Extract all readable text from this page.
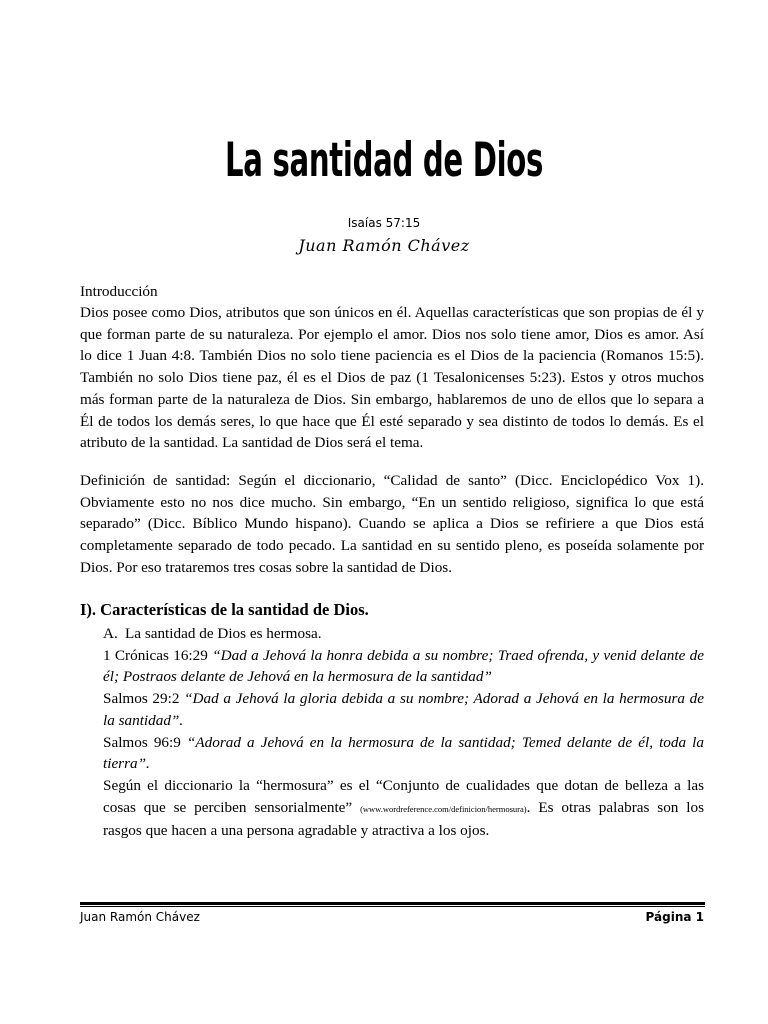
La santidad de Dios
Isaías 57:15
Juan Ramón Chávez
Introducción

Dios posee como Dios, atributos que son únicos en él. Aquellas características que son propias de él y que forman parte de su naturaleza. Por ejemplo el amor. Dios nos solo tiene amor, Dios es amor. Así lo dice 1 Juan 4:8. También Dios no solo tiene paciencia es el Dios de la paciencia (Romanos 15:5). También no solo Dios tiene paz, él es el Dios de paz (1 Tesalonicenses 5:23). Estos y otros muchos más forman parte de la naturaleza de Dios. Sin embargo, hablaremos de uno de ellos que lo separa a Él de todos los demás seres, lo que hace que Él esté separado y sea distinto de todos lo demás. Es el atributo de la santidad. La santidad de Dios será el tema.

Definición de santidad: Según el diccionario, “Calidad de santo” (Dicc. Enciclopédico Vox 1). Obviamente esto no nos dice mucho. Sin embargo, “En un sentido religioso, significa lo que está separado” (Dicc. Bíblico Mundo hispano). Cuando se aplica a Dios se refiriere a que Dios está completamente separado de todo pecado. La santidad en su sentido pleno, es poseída solamente por Dios. Por eso trataremos tres cosas sobre la santidad de Dios.

I). Características de la santidad de Dios.

A. La santidad de Dios es hermosa.

1 Crónicas 16:29 “Dad a Jehová la honra debida a su nombre; Traed ofrenda, y venid delante de él; Postraos delante de Jehová en la hermosura de la santidad”

Salmos 29:2 “Dad a Jehová la gloria debida a su nombre; Adorad a Jehová en la hermosura de la santidad”.

Salmos 96:9 “Adorad a Jehová en la hermosura de la santidad; Temed delante de él, toda la tierra”.

Según el diccionario la “hermosura” es el “Conjunto de cualidades que dotan de belleza a las cosas que se perciben sensorialmente” (www.wordreference.com/definicion/hermosura). Es otras palabras son los rasgos que hacen a una persona agradable y atractiva a los ojos.

Juan Ramón Chávez	Página 1
